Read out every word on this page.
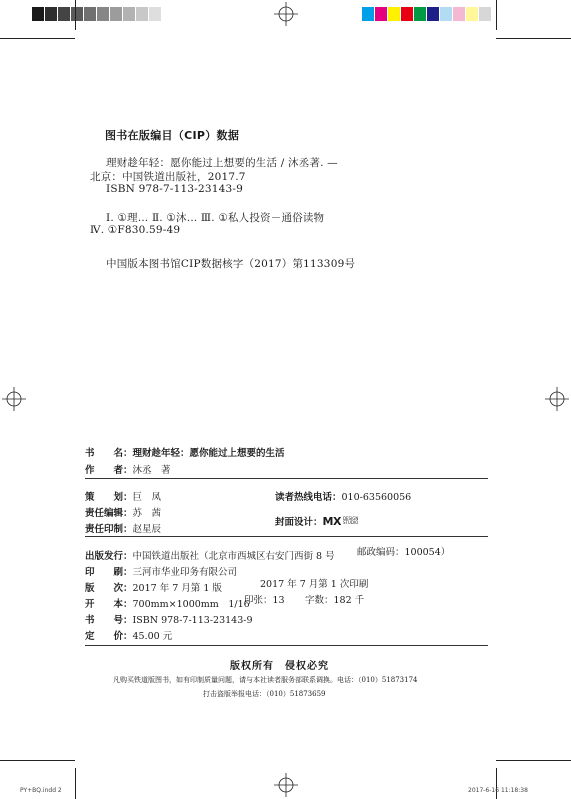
图书在版编目（CIP）数据
理财趁年轻：愿你能过上想要的生活 / 沐丞著. —
北京：中国铁道出版社，2017.7
ISBN 978-7-113-23143-9
Ⅰ. ①理… Ⅱ. ①沐… Ⅲ. ①私人投资－通俗读物
Ⅳ. ①F830.59-49
中国版本图书馆CIP数据核字（2017）第113309号
书　　名：理财趁年轻：愿你能过上想要的生活
作　　者：沐丞　著
策　　划：巨　凤	读者热线电话：010-63560056
责任编辑：苏　茜
责任印制：赵星辰
封面设计： MX DESIGN
STUDIO
出版发行：中国铁道出版社（北京市西城区右安门西街 8 号 邮政编码：100054）
印　　刷：三河市华业印务有限公司
版　　次：2017 年 7 月第 1 版	2017 年 7 月第 1 次印刷
开　　本：700mm×1000mm　1/16
印张：13 字数：182 千
书　　号：ISBN 978-7-113-23143-9
定　　价：45.00 元
版权所有　侵权必究
凡购买铁道版图书，如有印制质量问题，请与本社读者服务部联系调换。电话：（010）51873174
打击盗版举报电话：（010）51873659
PY+BQ.indd 2	2017-6-16 11:18:38
